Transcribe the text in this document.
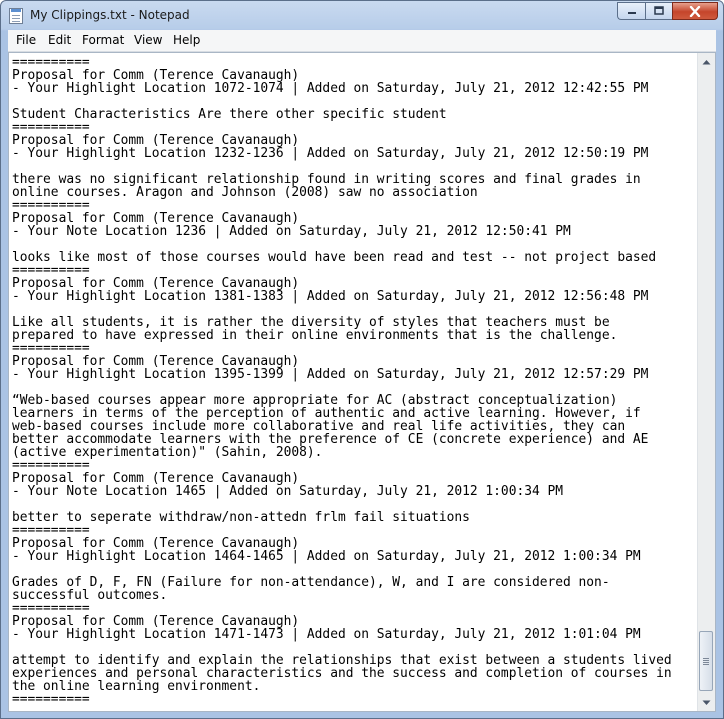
My Clippings.txt - Notepad
File Edit Format View Help
==========
Proposal for Comm (Terence Cavanaugh)
- Your Highlight Location 1072-1074 | Added on Saturday, July 21, 2012 12:42:55 PM

Student Characteristics Are there other specific student
==========
Proposal for Comm (Terence Cavanaugh)
- Your Highlight Location 1232-1236 | Added on Saturday, July 21, 2012 12:50:19 PM

there was no significant relationship found in writing scores and final grades in
online courses. Aragon and Johnson (2008) saw no association
==========
Proposal for Comm (Terence Cavanaugh)
- Your Note Location 1236 | Added on Saturday, July 21, 2012 12:50:41 PM

looks like most of those courses would have been read and test -- not project based
==========
Proposal for Comm (Terence Cavanaugh)
- Your Highlight Location 1381-1383 | Added on Saturday, July 21, 2012 12:56:48 PM

Like all students, it is rather the diversity of styles that teachers must be
prepared to have expressed in their online environments that is the challenge.
==========
Proposal for Comm (Terence Cavanaugh)
- Your Highlight Location 1395-1399 | Added on Saturday, July 21, 2012 12:57:29 PM

“Web-based courses appear more appropriate for AC (abstract conceptualization)
learners in terms of the perception of authentic and active learning. However, if
web-based courses include more collaborative and real life activities, they can
better accommodate learners with the preference of CE (concrete experience) and AE
(active experimentation)" (Sahin, 2008).
==========
Proposal for Comm (Terence Cavanaugh)
- Your Note Location 1465 | Added on Saturday, July 21, 2012 1:00:34 PM

better to seperate withdraw/non-attedn frlm fail situations
==========
Proposal for Comm (Terence Cavanaugh)
- Your Highlight Location 1464-1465 | Added on Saturday, July 21, 2012 1:00:34 PM

Grades of D, F, FN (Failure for non-attendance), W, and I are considered non-
successful outcomes.
==========
Proposal for Comm (Terence Cavanaugh)
- Your Highlight Location 1471-1473 | Added on Saturday, July 21, 2012 1:01:04 PM

attempt to identify and explain the relationships that exist between a students lived
experiences and personal characteristics and the success and completion of courses in
the online learning environment.
==========
